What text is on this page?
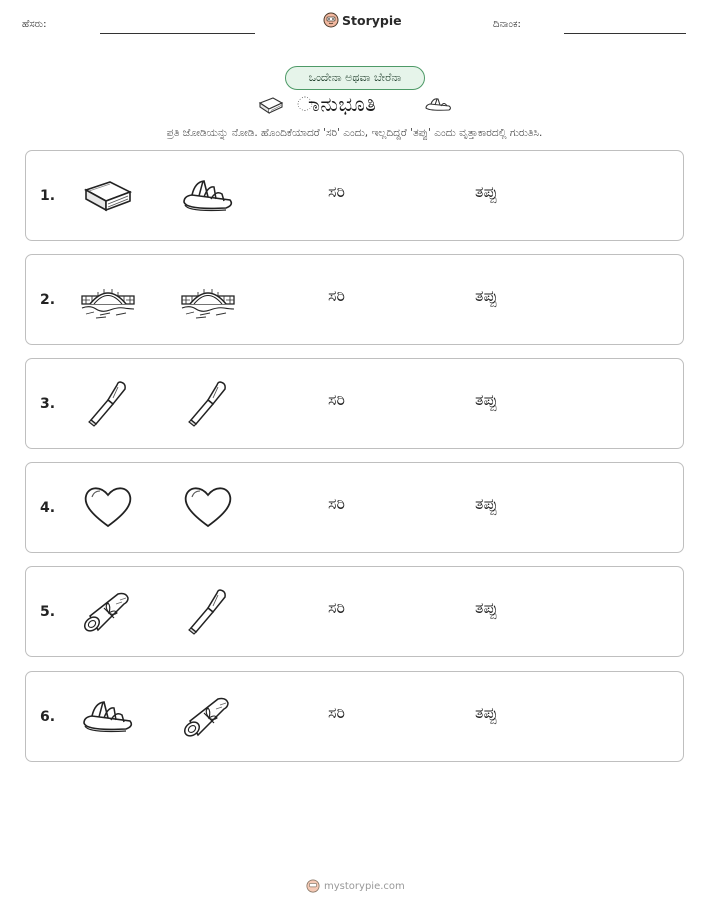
ಹೆಸರು:	Storypie	ದಿನಾಂಕ:
ಒಂದೇನಾ ಅಥವಾ ಬೇರೆನಾ
ಾನುಭೂತಿ
ಪ್ರತಿ ಜೋಡಿಯನ್ನು ನೋಡಿ. ಹೊಂದಿಕೆಯಾದರೆ 'ಸರಿ' ಎಂದು, ಇಲ್ಲದಿದ್ದರೆ 'ತಪ್ಪು' ಎಂದು ವೃತ್ತಾಕಾರದಲ್ಲಿ ಗುರುತಿಸಿ.
1.	ಸರಿ	ತಪ್ಪು
2.	ಸರಿ	ತಪ್ಪು
3.	ಸರಿ	ತಪ್ಪು
4.	ಸರಿ	ತಪ್ಪು
5.	ಸರಿ	ತಪ್ಪು
6.	ಸರಿ	ತಪ್ಪು
mystorypie.com
